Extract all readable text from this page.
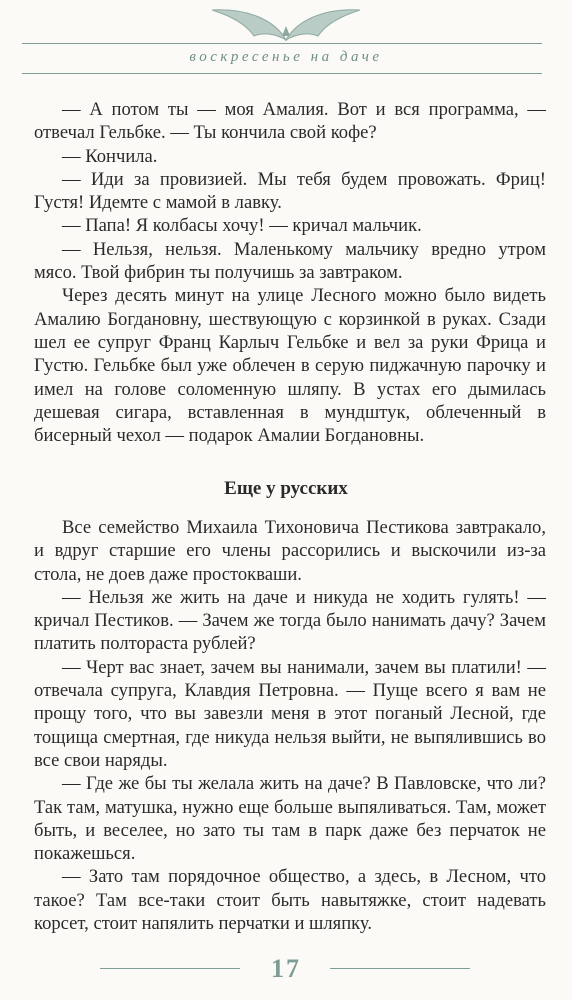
воскресенье на даче

— А потом ты — моя Амалия. Вот и вся программа, — отвечал Гельбке. — Ты кончила свой кофе?

— Кончила.

— Иди за провизией. Мы тебя будем провожать. Фриц! Густя! Идемте с мамой в лавку.

— Папа! Я колбасы хочу! — кричал мальчик.

— Нельзя, нельзя. Маленькому мальчику вредно утром мясо. Твой фибрин ты получишь за завтраком.

Через десять минут на улице Лесного можно было видеть Амалию Богдановну, шествующую с корзинкой в руках. Сзади шел ее супруг Франц Карлыч Гельбке и вел за руки Фрица и Густю. Гельбке был уже облечен в серую пиджачную парочку и имел на голове соломенную шляпу. В устах его дымилась дешевая сигара, вставленная в мундштук, облеченный в бисерный чехол — подарок Амалии Богдановны.

Еще у русских

Все семейство Михаила Тихоновича Пестикова завтракало, и вдруг старшие его члены рассорились и выскочили из-за стола, не доев даже простокваши.

— Нельзя же жить на даче и никуда не ходить гулять! — кричал Пестиков. — Зачем же тогда было нанимать дачу? Зачем платить полтораста рублей?

— Черт вас знает, зачем вы нанимали, зачем вы платили! — отвечала супруга, Клавдия Петровна. — Пуще всего я вам не прощу того, что вы завезли меня в этот поганый Лесной, где тощища смертная, где никуда нельзя выйти, не выпялившись во все свои наряды.

— Где же бы ты желала жить на даче? В Павловске, что ли? Так там, матушка, нужно еще больше выпяливаться. Там, может быть, и веселее, но зато ты там в парк даже без перчаток не покажешься.

— Зато там порядочное общество, а здесь, в Лесном, что такое? Там все-таки стоит быть навытяжке, стоит надевать корсет, стоит напялить перчатки и шляпку.

17
